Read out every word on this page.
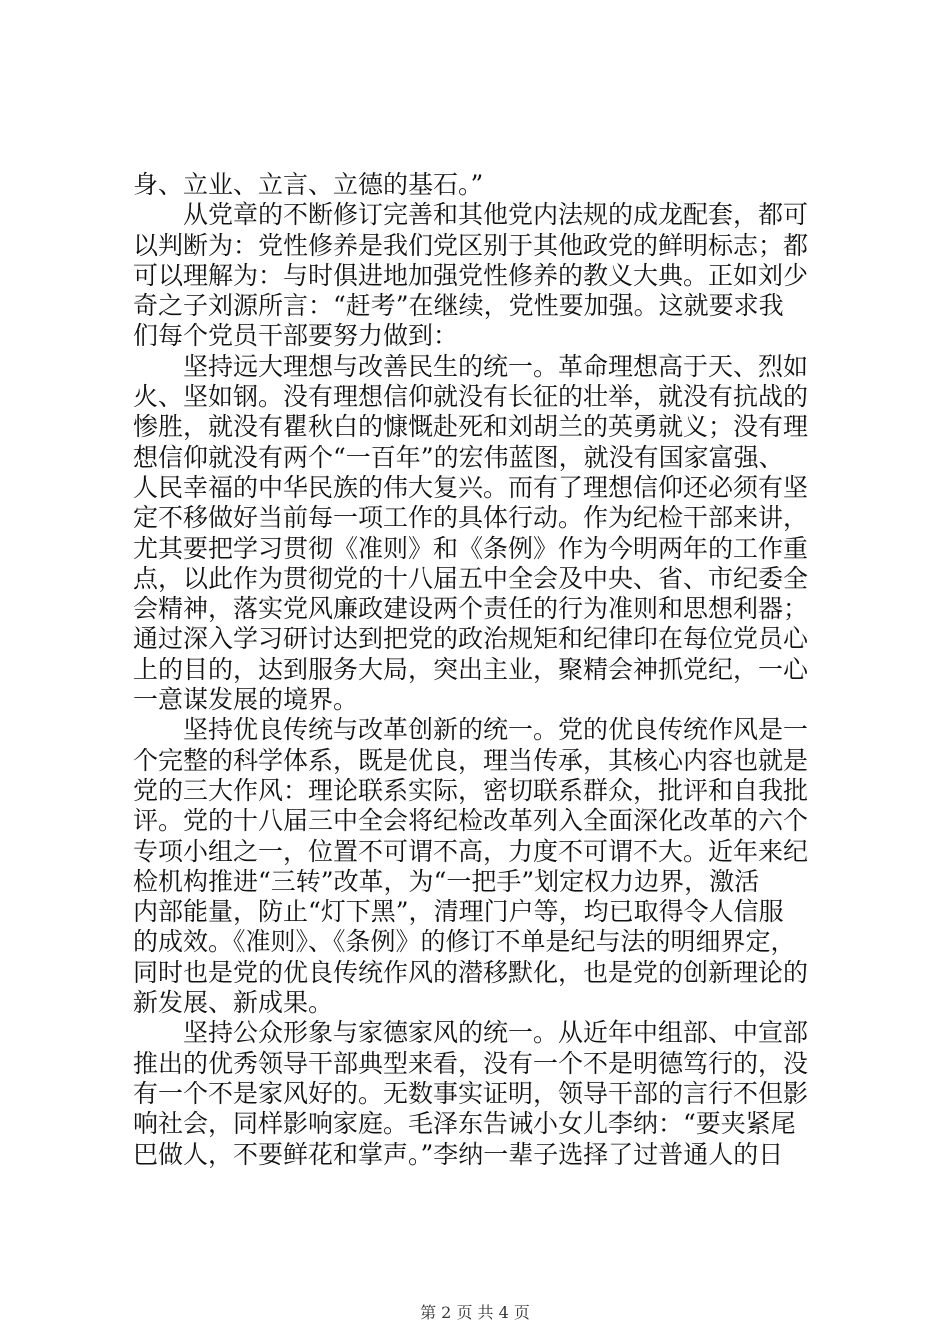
身、立业、立言、立德的基石。”
　　从党章的不断修订完善和其他党内法规的成龙配套，都可
以判断为：党性修养是我们党区别于其他政党的鲜明标志；都
可以理解为：与时俱进地加强党性修养的教义大典。正如刘少
奇之子刘源所言：“赶考”在继续，党性要加强。这就要求我
们每个党员干部要努力做到：
　　坚持远大理想与改善民生的统一。革命理想高于天、烈如
火、坚如钢。没有理想信仰就没有长征的壮举，就没有抗战的
惨胜，就没有瞿秋白的慷慨赴死和刘胡兰的英勇就义；没有理
想信仰就没有两个“一百年”的宏伟蓝图，就没有国家富强、
人民幸福的中华民族的伟大复兴。而有了理想信仰还必须有坚
定不移做好当前每一项工作的具体行动。作为纪检干部来讲，
尤其要把学习贯彻《准则》和《条例》作为今明两年的工作重
点，以此作为贯彻党的十八届五中全会及中央、省、市纪委全
会精神，落实党风廉政建设两个责任的行为准则和思想利器；
通过深入学习研讨达到把党的政治规矩和纪律印在每位党员心
上的目的，达到服务大局，突出主业，聚精会神抓党纪，一心
一意谋发展的境界。
　　坚持优良传统与改革创新的统一。党的优良传统作风是一
个完整的科学体系，既是优良，理当传承，其核心内容也就是
党的三大作风：理论联系实际，密切联系群众，批评和自我批
评。党的十八届三中全会将纪检改革列入全面深化改革的六个
专项小组之一，位置不可谓不高，力度不可谓不大。近年来纪
检机构推进“三转”改革，为“一把手”划定权力边界，激活
内部能量，防止“灯下黑”，清理门户等，均已取得令人信服
的成效。《准则》、《条例》的修订不单是纪与法的明细界定，
同时也是党的优良传统作风的潜移默化，也是党的创新理论的
新发展、新成果。
　　坚持公众形象与家德家风的统一。从近年中组部、中宣部
推出的优秀领导干部典型来看，没有一个不是明德笃行的，没
有一个不是家风好的。无数事实证明，领导干部的言行不但影
响社会，同样影响家庭。毛泽东告诫小女儿李纳：“要夹紧尾
巴做人，不要鲜花和掌声。”李纳一辈子选择了过普通人的日
第 2 页 共 4 页
